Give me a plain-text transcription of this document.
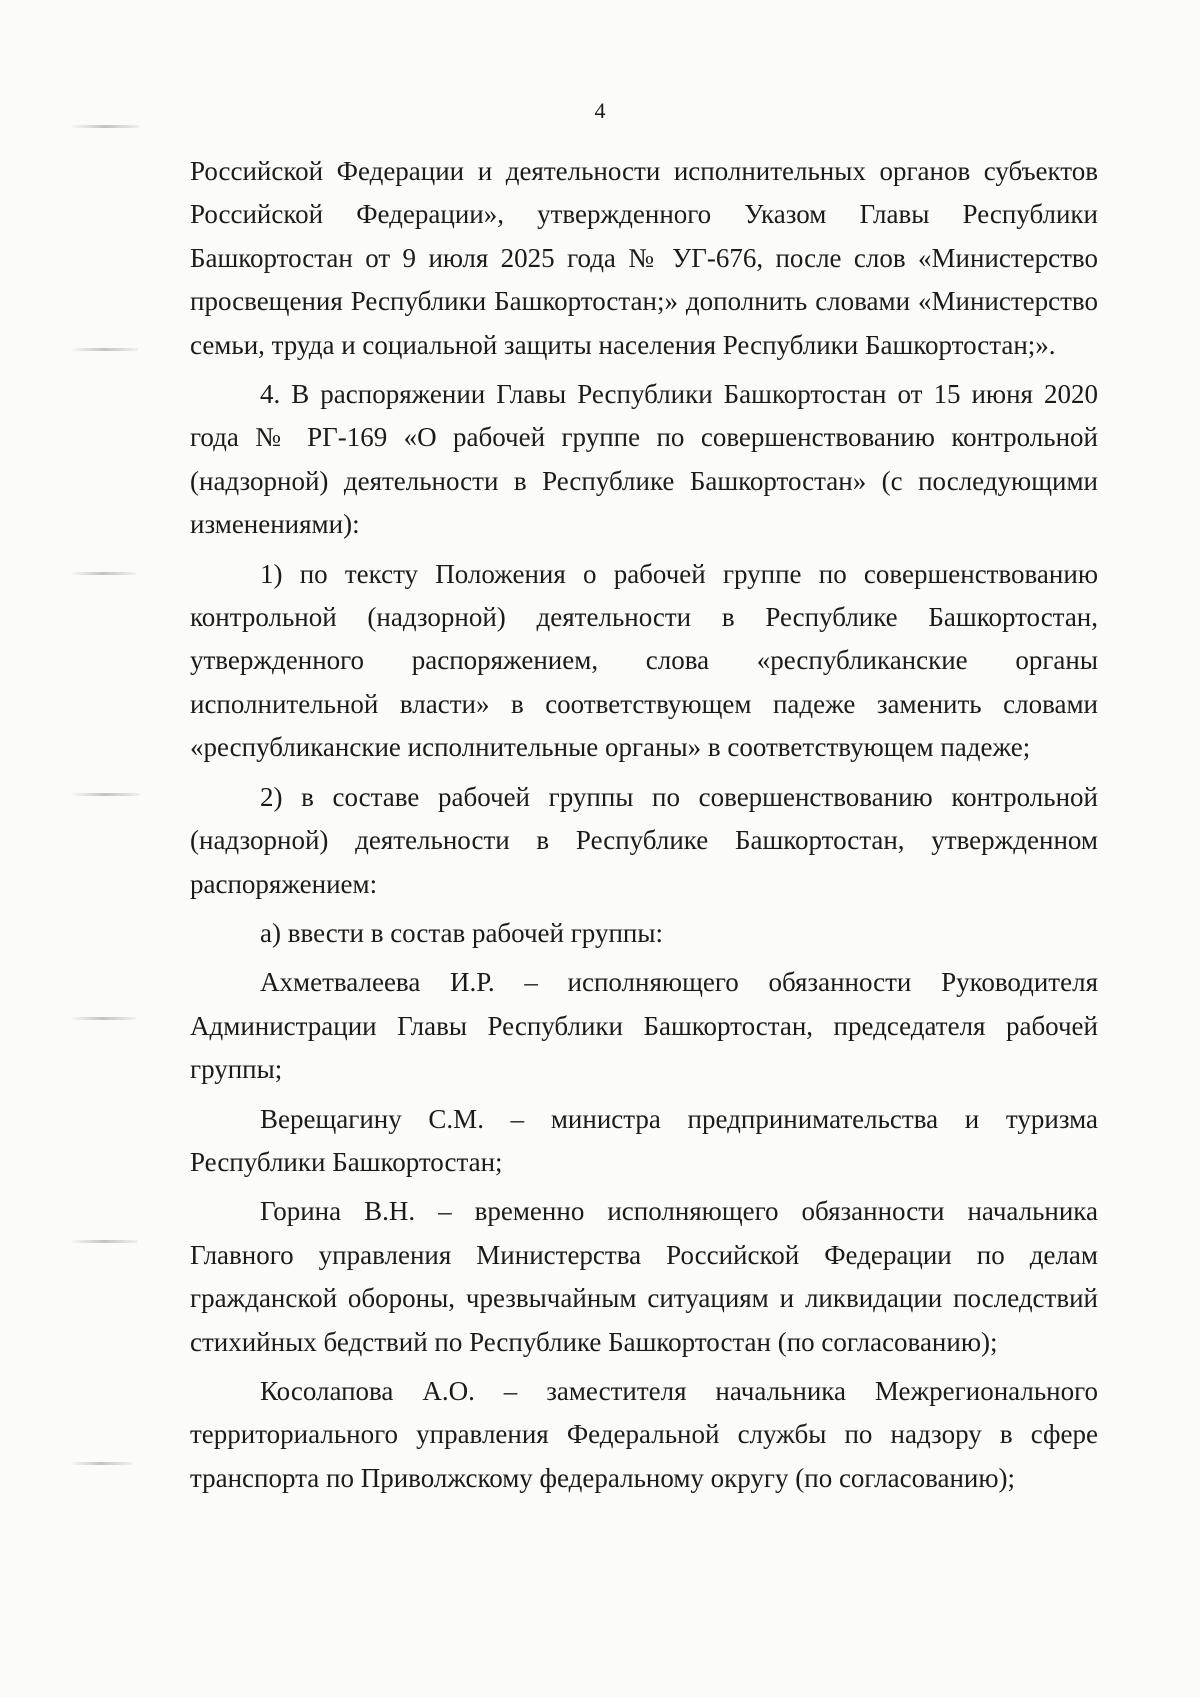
4

Российской Федерации и деятельности исполнительных органов субъектов Российской Федерации», утвержденного Указом Главы Республики Башкортостан от 9 июля 2025 года № УГ-676, после слов «Министерство просвещения Республики Башкортостан;» дополнить словами «Министерство семьи, труда и социальной защиты населения Республики Башкортостан;».

4. В распоряжении Главы Республики Башкортостан от 15 июня 2020 года № РГ-169 «О рабочей группе по совершенствованию контрольной (надзорной) деятельности в Республике Башкортостан» (с последующими изменениями):

1) по тексту Положения о рабочей группе по совершенствованию контрольной (надзорной) деятельности в Республике Башкортостан, утвержденного распоряжением, слова «республиканские органы исполнительной власти» в соответствующем падеже заменить словами «республиканские исполнительные органы» в соответствующем падеже;

2) в составе рабочей группы по совершенствованию контрольной (надзорной) деятельности в Республике Башкортостан, утвержденном распоряжением:

а) ввести в состав рабочей группы:

Ахметвалеева И.Р. – исполняющего обязанности Руководителя Администрации Главы Республики Башкортостан, председателя рабочей группы;

Верещагину С.М. – министра предпринимательства и туризма Республики Башкортостан;

Горина В.Н. – временно исполняющего обязанности начальника Главного управления Министерства Российской Федерации по делам гражданской обороны, чрезвычайным ситуациям и ликвидации последствий стихийных бедствий по Республике Башкортостан (по согласованию);

Косолапова А.О. – заместителя начальника Межрегионального территориального управления Федеральной службы по надзору в сфере транспорта по Приволжскому федеральному округу (по согласованию);
